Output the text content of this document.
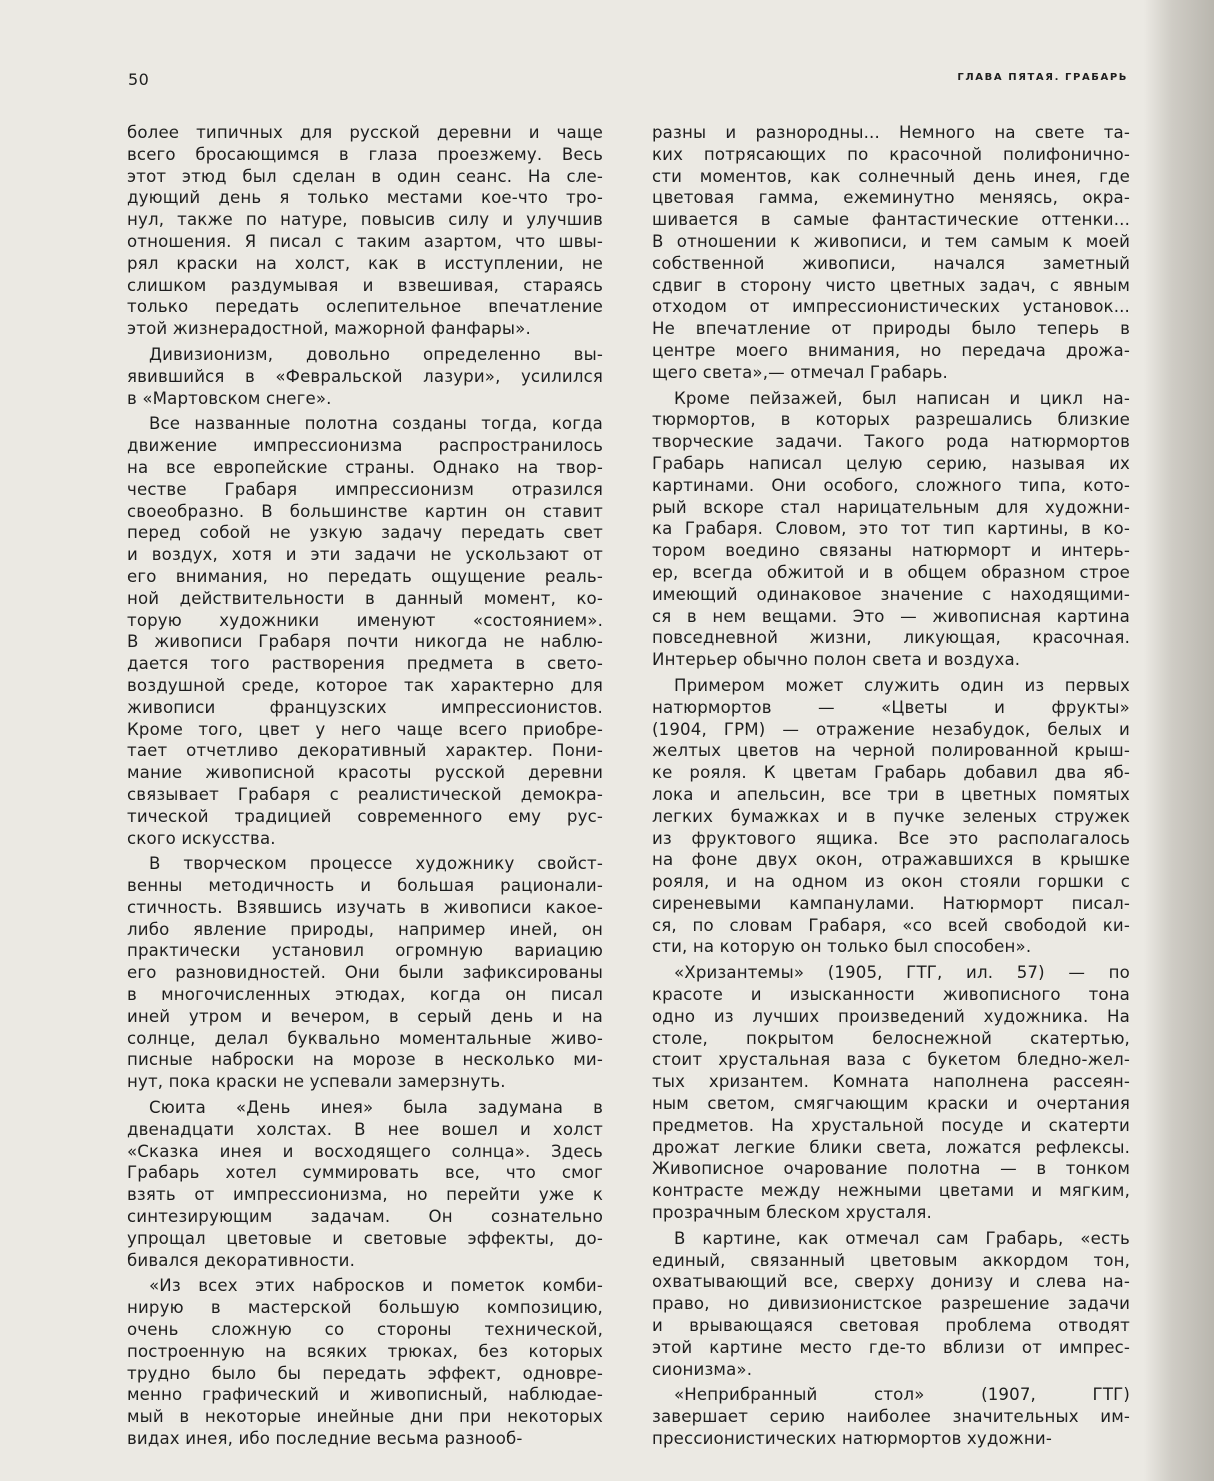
50	ГЛАВА ПЯТАЯ. ГРАБАРЬ
более типичных для русской деревни и чаще
всего бросающимся в глаза проезжему. Весь
этот этюд был сделан в один сеанс. На сле-
дующий день я только местами кое-что тро-
нул, также по натуре, повысив силу и улучшив
отношения. Я писал с таким азартом, что швы-
рял краски на холст, как в исступлении, не
слишком раздумывая и взвешивая, стараясь
только передать ослепительное впечатление
этой жизнерадостной, мажорной фанфары».
Дивизионизм, довольно определенно вы-
явившийся в «Февральской лазури», усилился
в «Мартовском снеге».
Все названные полотна созданы тогда, когда
движение импрессионизма распространилось
на все европейские страны. Однако на твор-
честве Грабаря импрессионизм отразился
своеобразно. В большинстве картин он ставит
перед собой не узкую задачу передать свет
и воздух, хотя и эти задачи не ускользают от
его внимания, но передать ощущение реаль-
ной действительности в данный момент, ко-
торую художники именуют «состоянием».
В живописи Грабаря почти никогда не наблю-
дается того растворения предмета в свето-
воздушной среде, которое так характерно для
живописи французских импрессионистов.
Кроме того, цвет у него чаще всего приобре-
тает отчетливо декоративный характер. Пони-
мание живописной красоты русской деревни
связывает Грабаря с реалистической демокра-
тической традицией современного ему рус-
ского искусства.
В творческом процессе художнику свойст-
венны методичность и большая рационали-
стичность. Взявшись изучать в живописи какое-
либо явление природы, например иней, он
практически установил огромную вариацию
его разновидностей. Они были зафиксированы
в многочисленных этюдах, когда он писал
иней утром и вечером, в серый день и на
солнце, делал буквально моментальные живо-
писные наброски на морозе в несколько ми-
нут, пока краски не успевали замерзнуть.
Сюита «День инея» была задумана в
двенадцати холстах. В нее вошел и холст
«Сказка инея и восходящего солнца». Здесь
Грабарь хотел суммировать все, что смог
взять от импрессионизма, но перейти уже к
синтезирующим задачам. Он сознательно
упрощал цветовые и световые эффекты, до-
бивался декоративности.
«Из всех этих набросков и пометок комби-
нирую в мастерской большую композицию,
очень сложную со стороны технической,
построенную на всяких трюках, без которых
трудно было бы передать эффект, одновре-
менно графический и живописный, наблюдае-
мый в некоторые инейные дни при некоторых
видах инея, ибо последние весьма разнооб-
разны и разнородны... Немного на свете та-
ких потрясающих по красочной полифонично-
сти моментов, как солнечный день инея, где
цветовая гамма, ежеминутно меняясь, окра-
шивается в самые фантастические оттенки...
В отношении к живописи, и тем самым к моей
собственной живописи, начался заметный
сдвиг в сторону чисто цветных задач, с явным
отходом от импрессионистических установок...
Не впечатление от природы было теперь в
центре моего внимания, но передача дрожа-
щего света»,— отмечал Грабарь.
Кроме пейзажей, был написан и цикл на-
тюрмортов, в которых разрешались близкие
творческие задачи. Такого рода натюрмортов
Грабарь написал целую серию, называя их
картинами. Они особого, сложного типа, кото-
рый вскоре стал нарицательным для художни-
ка Грабаря. Словом, это тот тип картины, в ко-
тором воедино связаны натюрморт и интерь-
ер, всегда обжитой и в общем образном строе
имеющий одинаковое значение с находящими-
ся в нем вещами. Это — живописная картина
повседневной жизни, ликующая, красочная.
Интерьер обычно полон света и воздуха.
Примером может служить один из первых
натюрмортов — «Цветы и фрукты»
(1904, ГРМ) — отражение незабудок, белых и
желтых цветов на черной полированной крыш-
ке рояля. К цветам Грабарь добавил два яб-
лока и апельсин, все три в цветных помятых
легких бумажках и в пучке зеленых стружек
из фруктового ящика. Все это располагалось
на фоне двух окон, отражавшихся в крышке
рояля, и на одном из окон стояли горшки с
сиреневыми кампанулами. Натюрморт писал-
ся, по словам Грабаря, «со всей свободой ки-
сти, на которую он только был способен».
«Хризантемы» (1905, ГТГ, ил. 57) — по
красоте и изысканности живописного тона
одно из лучших произведений художника. На
столе, покрытом белоснежной скатертью,
стоит хрустальная ваза с букетом бледно-жел-
тых хризантем. Комната наполнена рассеян-
ным светом, смягчающим краски и очертания
предметов. На хрустальной посуде и скатерти
дрожат легкие блики света, ложатся рефлексы.
Живописное очарование полотна — в тонком
контрасте между нежными цветами и мягким,
прозрачным блеском хрусталя.
В картине, как отмечал сам Грабарь, «есть
единый, связанный цветовым аккордом тон,
охватывающий все, сверху донизу и слева на-
право, но дивизионистское разрешение задачи
и врывающаяся световая проблема отводят
этой картине место где-то вблизи от импрес-
сионизма».
«Неприбранный стол» (1907, ГТГ)
завершает серию наиболее значительных им-
прессионистических натюрмортов художни-
